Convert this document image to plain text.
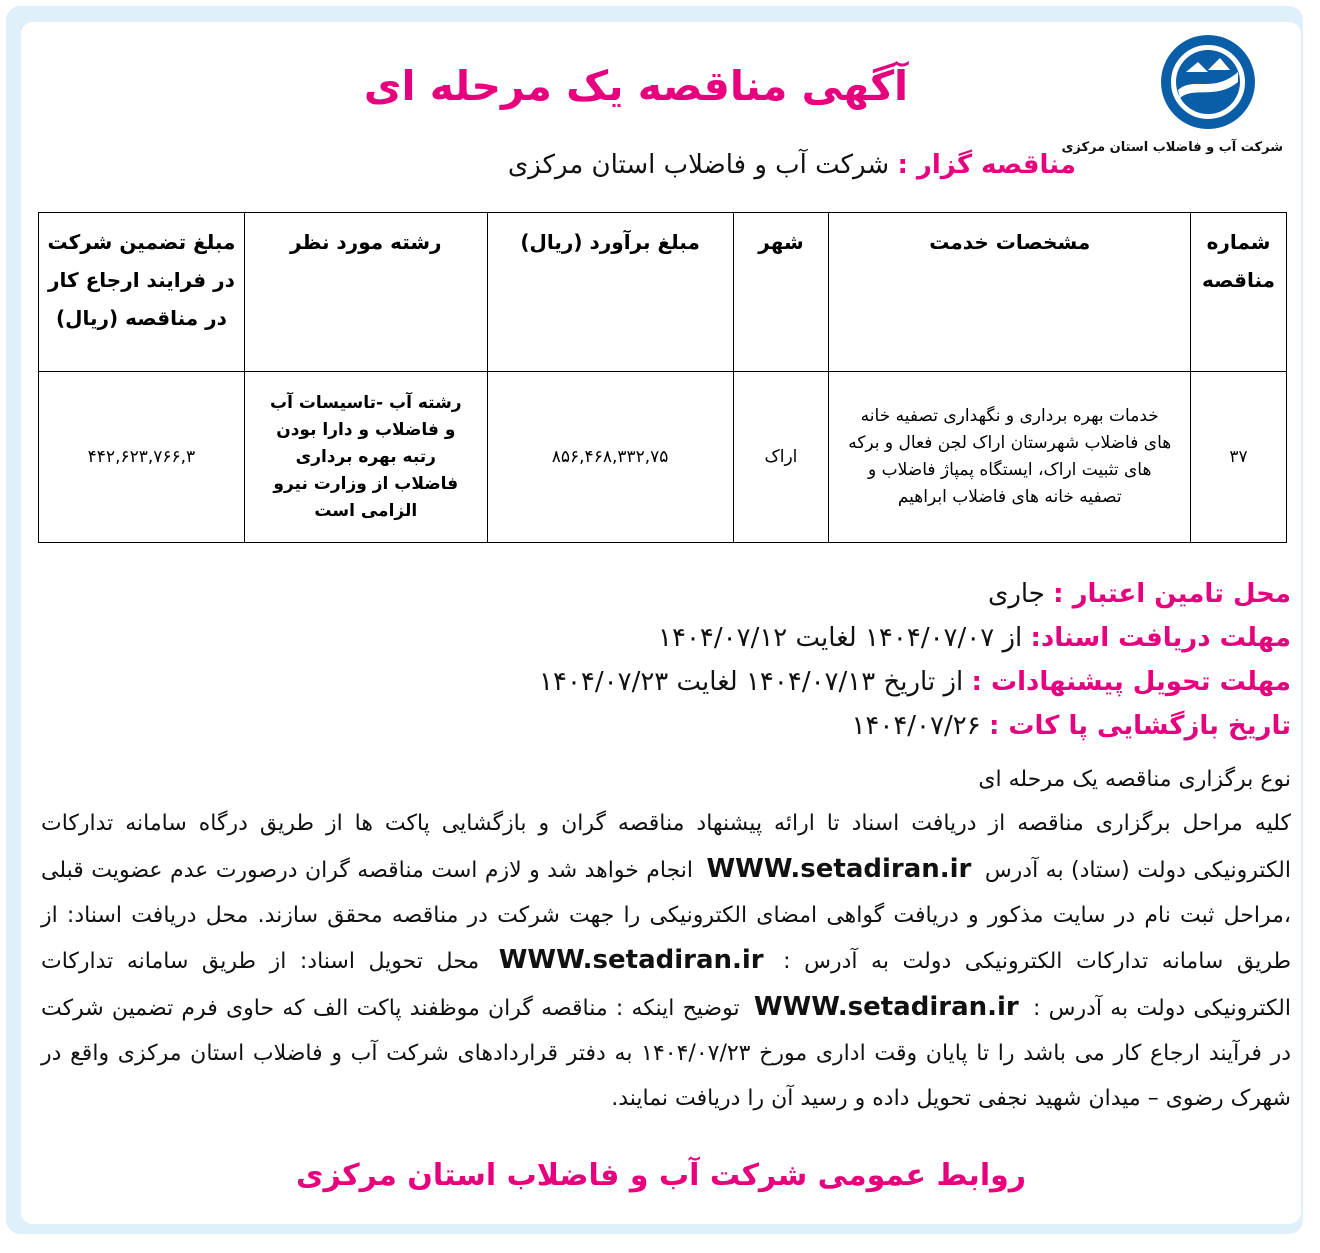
شرکت آب و فاضلاب استان مرکزی
آگهی مناقصه یک مرحله ای
مناقصه گزار : شرکت آب و فاضلاب استان مرکزی
شماره مناقصه	مشخصات خدمت	شهر	مبلغ برآورد (ریال)	رشته مورد نظر	مبلغ تضمین شرکت در فرایند ارجاع کار در مناقصه (ریال)
۳۷	خدمات بهره برداری و نگهداری تصفیه خانه های فاضلاب شهرستان اراک لجن فعال و برکه های تثبیت اراک، ایستگاه پمپاژ فاضلاب و تصفیه خانه های فاضلاب ابراهیم	اراک	۸۵۶,۴۶۸,۳۳۲,۷۵	رشته آب -تاسیسات آب و فاضلاب و دارا بودن رتبه بهره برداری فاضلاب از وزارت نیرو الزامی است	۴۴۲,۶۲۳,۷۶۶,۳
محل تامین اعتبار : جاری
مهلت دریافت اسناد: از ۱۴۰۴/۰۷/۰۷ لغایت ۱۴۰۴/۰۷/۱۲
مهلت تحویل پیشنهادات : از تاریخ ۱۴۰۴/۰۷/۱۳ لغایت ۱۴۰۴/۰۷/۲۳
تاریخ بازگشایی پا کات : ۱۴۰۴/۰۷/۲۶
نوع برگزاری مناقصه یک مرحله ای
کلیه مراحل برگزاری مناقصه از دریافت اسناد تا ارائه پیشنهاد مناقصه گران و بازگشایی پاکت ها از طریق درگاه سامانه تدارکات الکترونیکی دولت (ستاد) به آدرس WWW.setadiran.ir انجام خواهد شد و لازم است مناقصه گران درصورت عدم عضویت قبلی ،مراحل ثبت نام در سایت مذکور و دریافت گواهی امضای الکترونیکی را جهت شرکت در مناقصه محقق سازند. محل دریافت اسناد: از طریق سامانه تدارکات الکترونیکی دولت به آدرس : WWW.setadiran.ir محل تحویل اسناد: از طریق سامانه تدارکات الکترونیکی دولت به آدرس : WWW.setadiran.ir توضیح اینکه : مناقصه گران موظفند پاکت الف که حاوی فرم تضمین شرکت در فرآیند ارجاع کار می باشد را تا پایان وقت اداری مورخ ۱۴۰۴/۰۷/۲۳ به دفتر قراردادهای شرکت آب و فاضلاب استان مرکزی واقع در شهرک رضوی – میدان شهید نجفی تحویل داده و رسید آن را دریافت نمایند.
روابط عمومی شرکت آب و فاضلاب استان مرکزی
